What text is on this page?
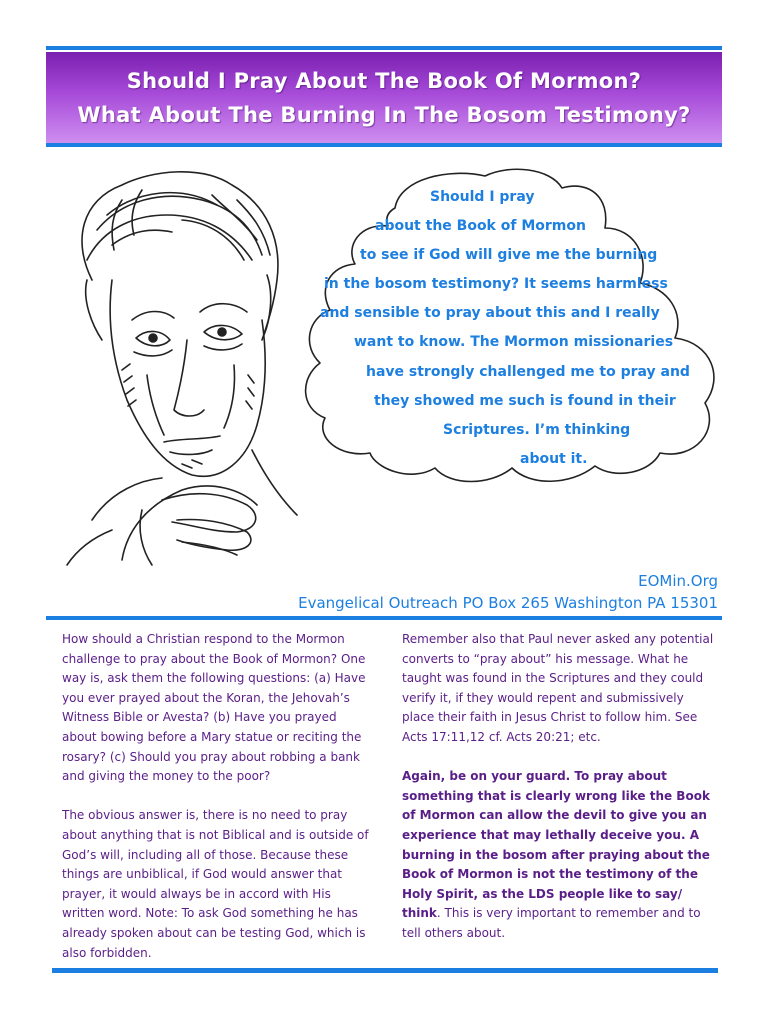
Should I Pray About The Book Of Mormon?
What About The Burning In The Bosom Testimony?
Should I pray
about the Book of Mormon
to see if God will give me the burning
in the bosom testimony? It seems harmless
and sensible to pray about this and I really
want to know. The Mormon missionaries
have strongly challenged me to pray and
they showed me such is found in their
Scriptures. I’m thinking
about it.
EOMin.Org
Evangelical Outreach PO Box 265 Washington PA 15301

How should a Christian respond to the Mormon challenge to pray about the Book of Mormon? One way is, ask them the following questions: (a) Have you ever prayed about the Koran, the Jehovah’s Witness Bible or Avesta? (b) Have you prayed about bowing before a Mary statue or reciting the rosary? (c) Should you pray about robbing a bank and giving the money to the poor?

The obvious answer is, there is no need to pray about anything that is not Biblical and is outside of God’s will, including all of those. Because these things are unbiblical, if God would answer that prayer, it would always be in accord with His written word. Note: To ask God something he has already spoken about can be testing God, which is also forbidden.

Remember also that Paul never asked any potential converts to “pray about” his message. What he taught was found in the Scriptures and they could verify it, if they would repent and submissively place their faith in Jesus Christ to follow him. See Acts 17:11,12 cf. Acts 20:21; etc.

Again, be on your guard. To pray about something that is clearly wrong like the Book of Mormon can allow the devil to give you an experience that may lethally deceive you. A burning in the bosom after praying about the Book of Mormon is not the testimony of the Holy Spirit, as the LDS people like to say/ think. This is very important to remember and to tell others about.
